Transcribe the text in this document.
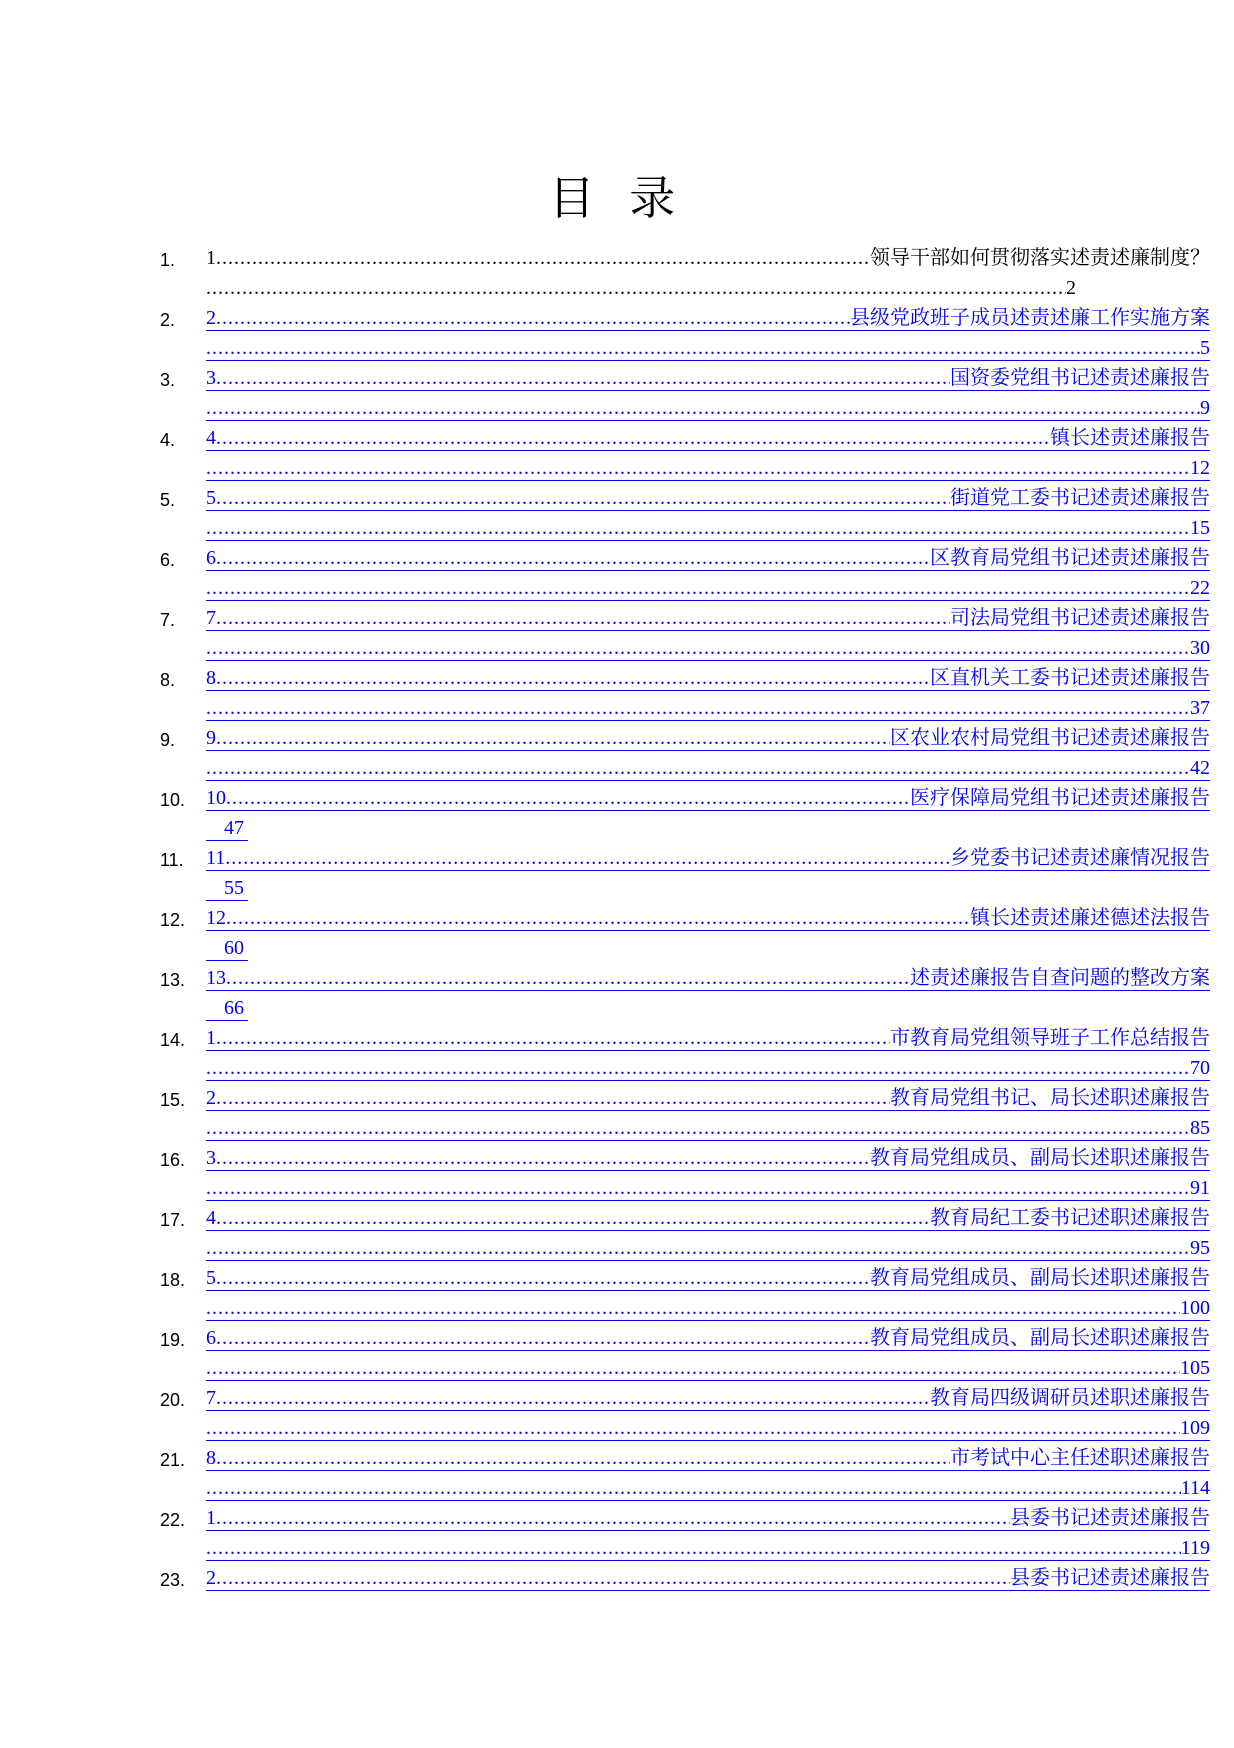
目 录
1. 1 .....	领导干部如何贯彻落实述责述廉制度？
.....
2
2. 2 .....	县级党政班子成员述责述廉工作实施方案
.....
5
3. 3 .....	国资委党组书记述责述廉报告
.....
9
4. 4 .....	镇长述责述廉报告
.....
12
5. 5 .....	街道党工委书记述责述廉报告
.....
15
6. 6 .....	区教育局党组书记述责述廉报告
.....
22
7. 7 .....	司法局党组书记述责述廉报告
.....
30
8. 8 .....	区直机关工委书记述责述廉报告
.....
37
9. 9 .....	区农业农村局党组书记述责述廉报告
.....
42
10. 10 .....	医疗保障局党组书记述责述廉报告
47
11. 11 .....	乡党委书记述责述廉情况报告
55
12. 12 .....	镇长述责述廉述德述法报告
60
13. 13 .....	述责述廉报告自查问题的整改方案
66
14. 1 .....	市教育局党组领导班子工作总结报告
.....
70
15. 2 .....	教育局党组书记、局长述职述廉报告
.....
85
16. 3 .....	教育局党组成员、副局长述职述廉报告
.....
91
17. 4 .....	教育局纪工委书记述职述廉报告
.....
95
18. 5 .....	教育局党组成员、副局长述职述廉报告
.....
100
19. 6 .....	教育局党组成员、副局长述职述廉报告
.....
105
20. 7 .....	教育局四级调研员述职述廉报告
.....
109
21. 8 .....	市考试中心主任述职述廉报告
.....
114
22. 1 .....	县委书记述责述廉报告
.....
119
23. 2 .....	县委书记述责述廉报告
